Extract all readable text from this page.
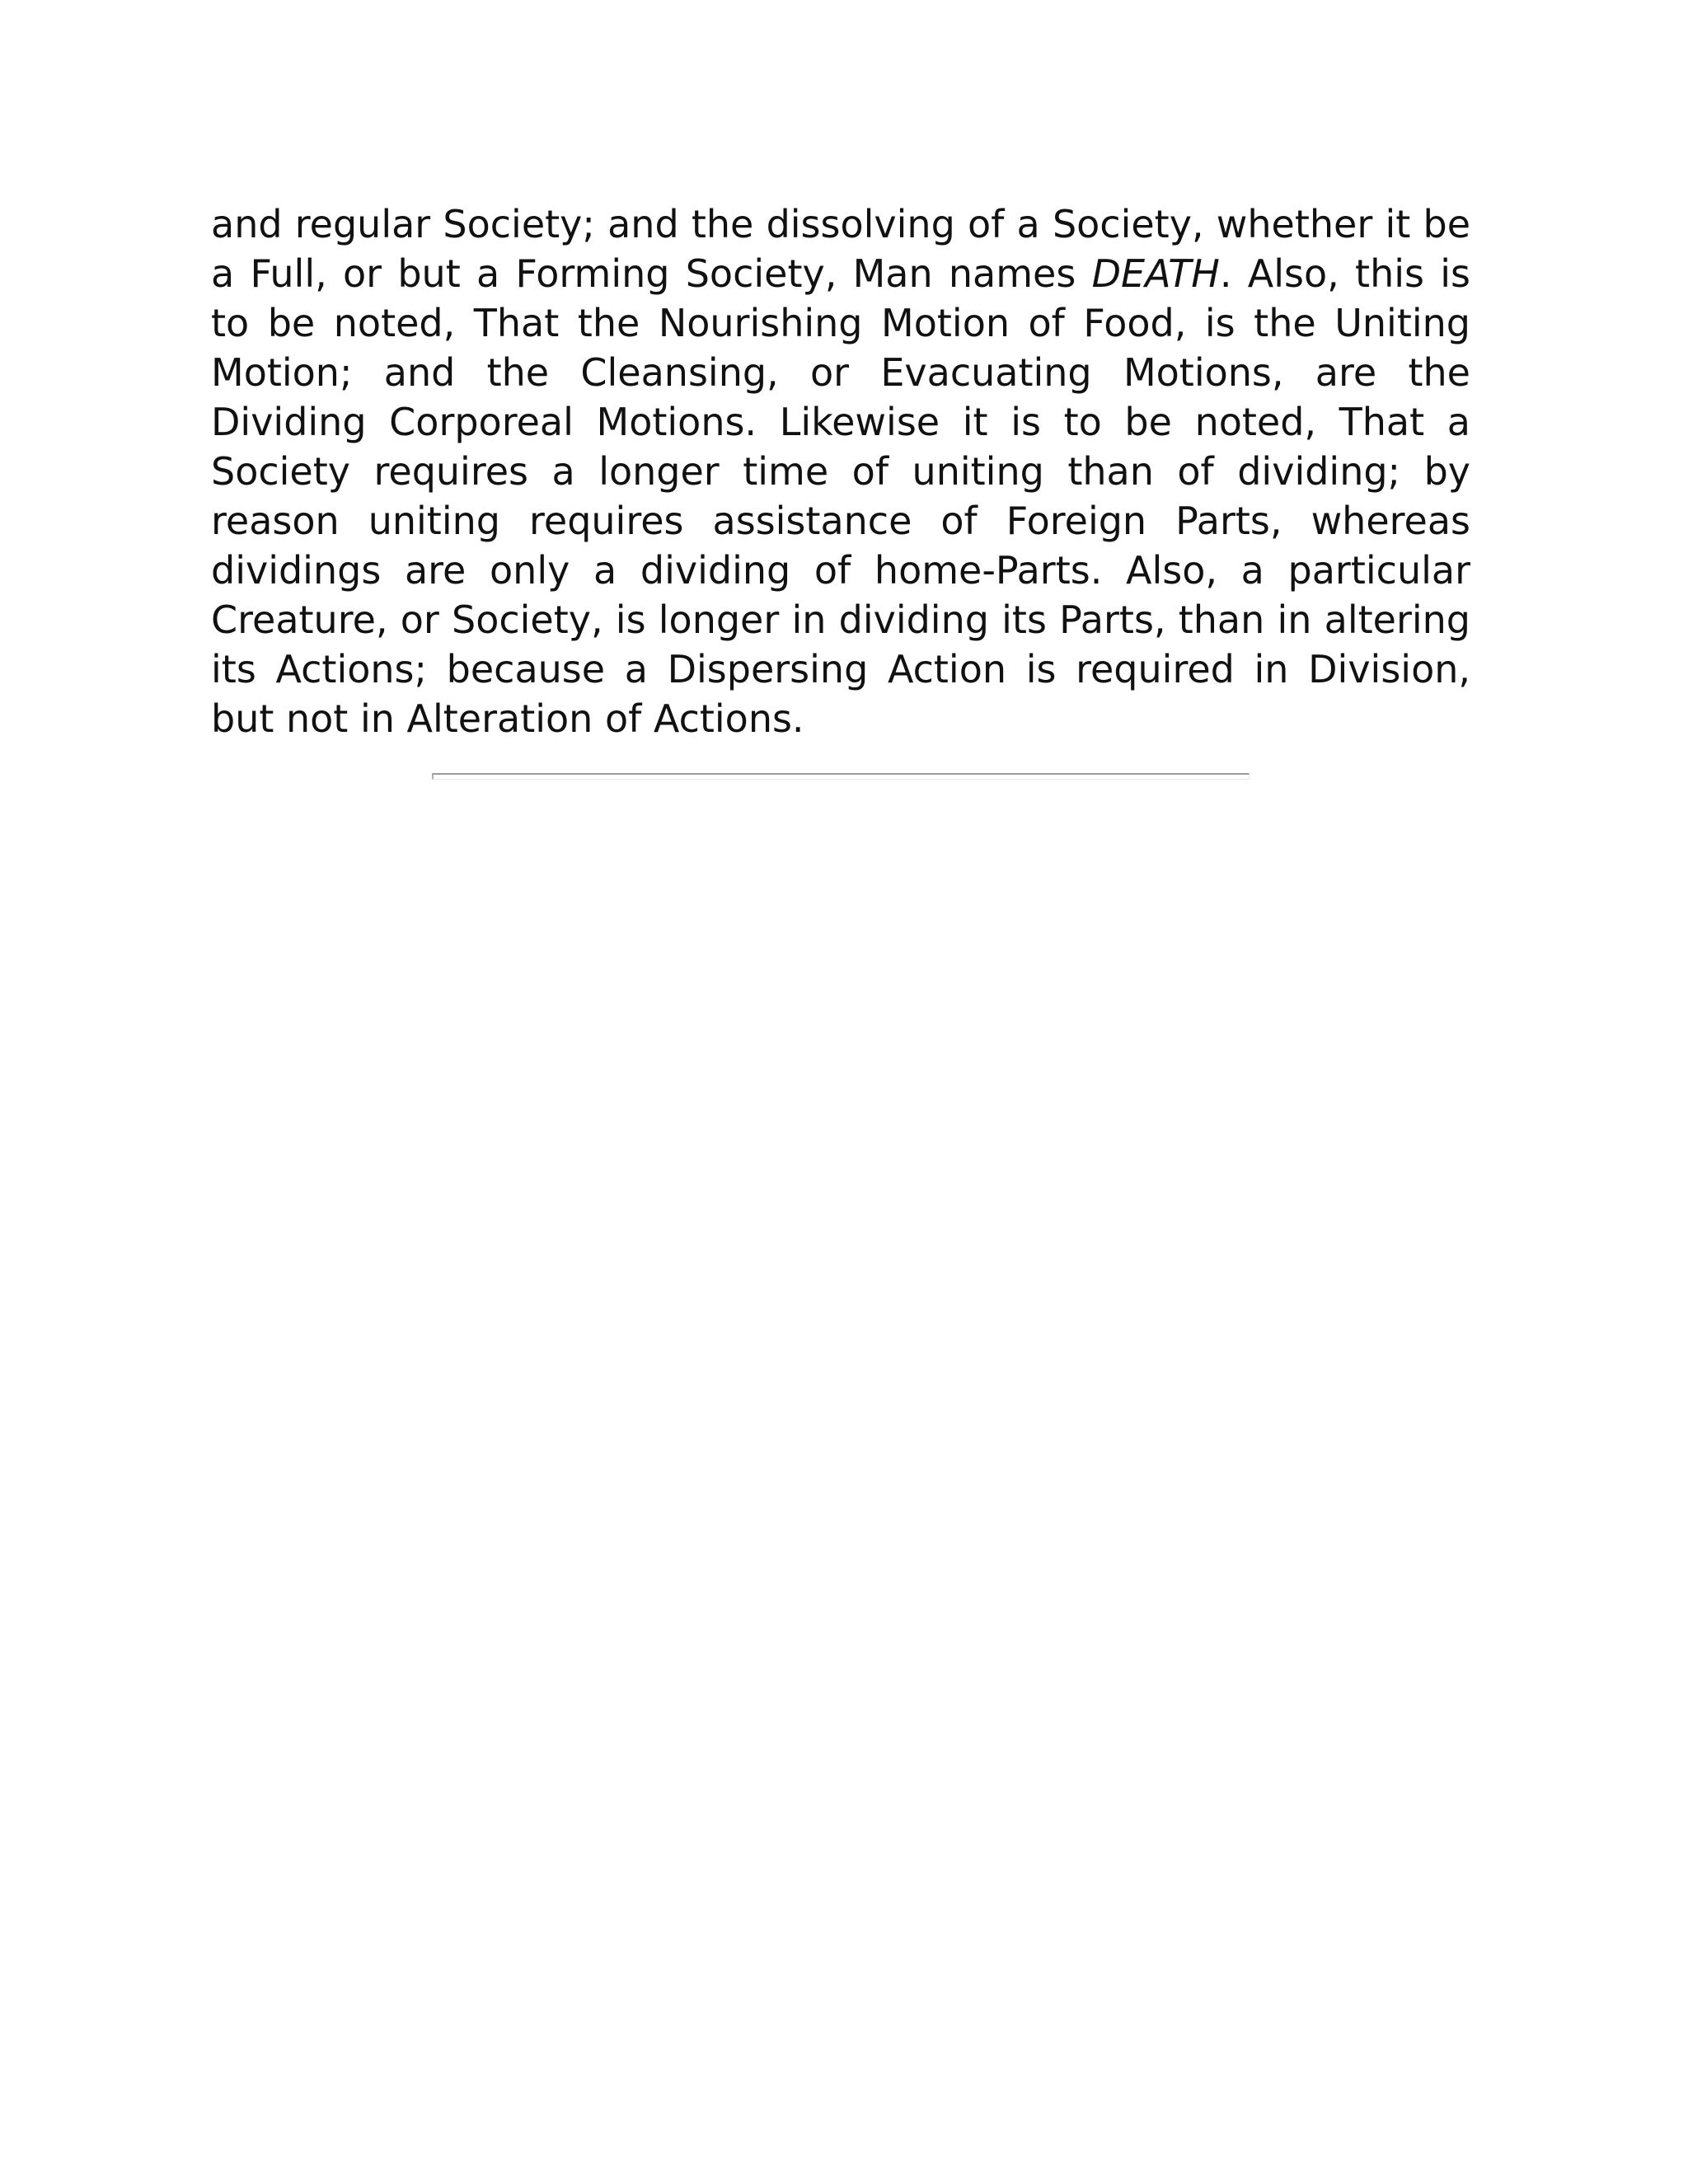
and regular Society; and the dissolving of a Society, whether it be a Full, or but a Forming Society, Man names DEATH. Also, this is to be noted, That the Nourishing Motion of Food, is the Uniting Motion; and the Cleansing, or Evacuating Motions, are the Dividing Corporeal Motions. Likewise it is to be noted, That a Society requires a longer time of uniting than of dividing; by reason uniting requires assistance of Foreign Parts, whereas dividings are only a dividing of home-Parts. Also, a particular Creature, or Society, is longer in dividing its Parts, than in altering its Actions; because a Dispersing Action is required in Division, but not in Alteration of Actions.
